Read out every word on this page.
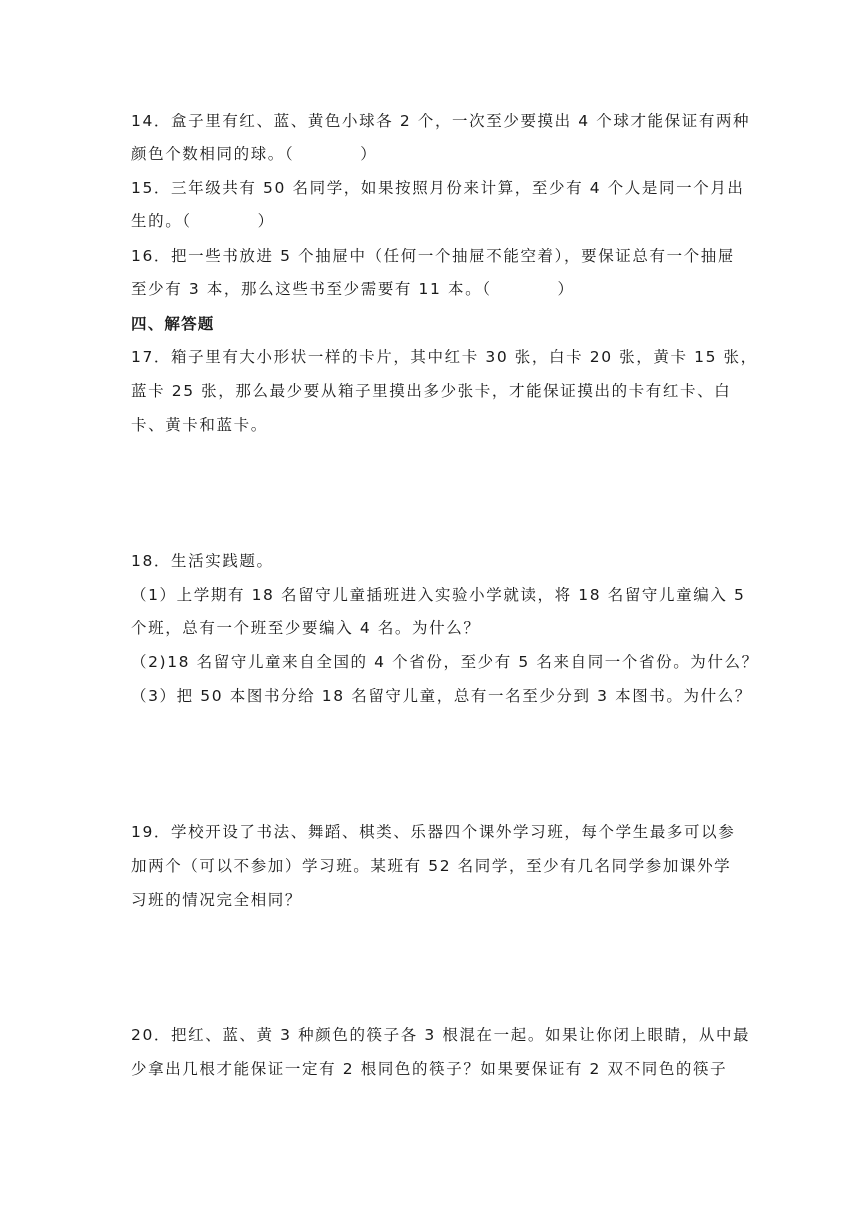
14．盒子里有红、蓝、黄色小球各 2 个，一次至少要摸出 4 个球才能保证有两种
颜色个数相同的球。（	）
15．三年级共有 50 名同学，如果按照月份来计算，至少有 4 个人是同一个月出
生的。（	）
16．把一些书放进 5 个抽屉中（任何一个抽屉不能空着），要保证总有一个抽屉
至少有 3 本，那么这些书至少需要有 11 本。（	）
四、解答题
17．箱子里有大小形状一样的卡片，其中红卡 30 张，白卡 20 张，黄卡 15 张，
蓝卡 25 张，那么最少要从箱子里摸出多少张卡，才能保证摸出的卡有红卡、白
卡、黄卡和蓝卡。
18．生活实践题。
（1）上学期有 18 名留守儿童插班进入实验小学就读，将 18 名留守儿童编入 5
个班，总有一个班至少要编入 4 名。为什么？
（2)18 名留守儿童来自全国的 4 个省份，至少有 5 名来自同一个省份。为什么？
（3）把 50 本图书分给 18 名留守儿童，总有一名至少分到 3 本图书。为什么？
19．学校开设了书法、舞蹈、棋类、乐器四个课外学习班，每个学生最多可以参
加两个（可以不参加）学习班。某班有 52 名同学，至少有几名同学参加课外学
习班的情况完全相同？
20．把红、蓝、黄 3 种颜色的筷子各 3 根混在一起。如果让你闭上眼睛，从中最
少拿出几根才能保证一定有 2 根同色的筷子？如果要保证有 2 双不同色的筷子
